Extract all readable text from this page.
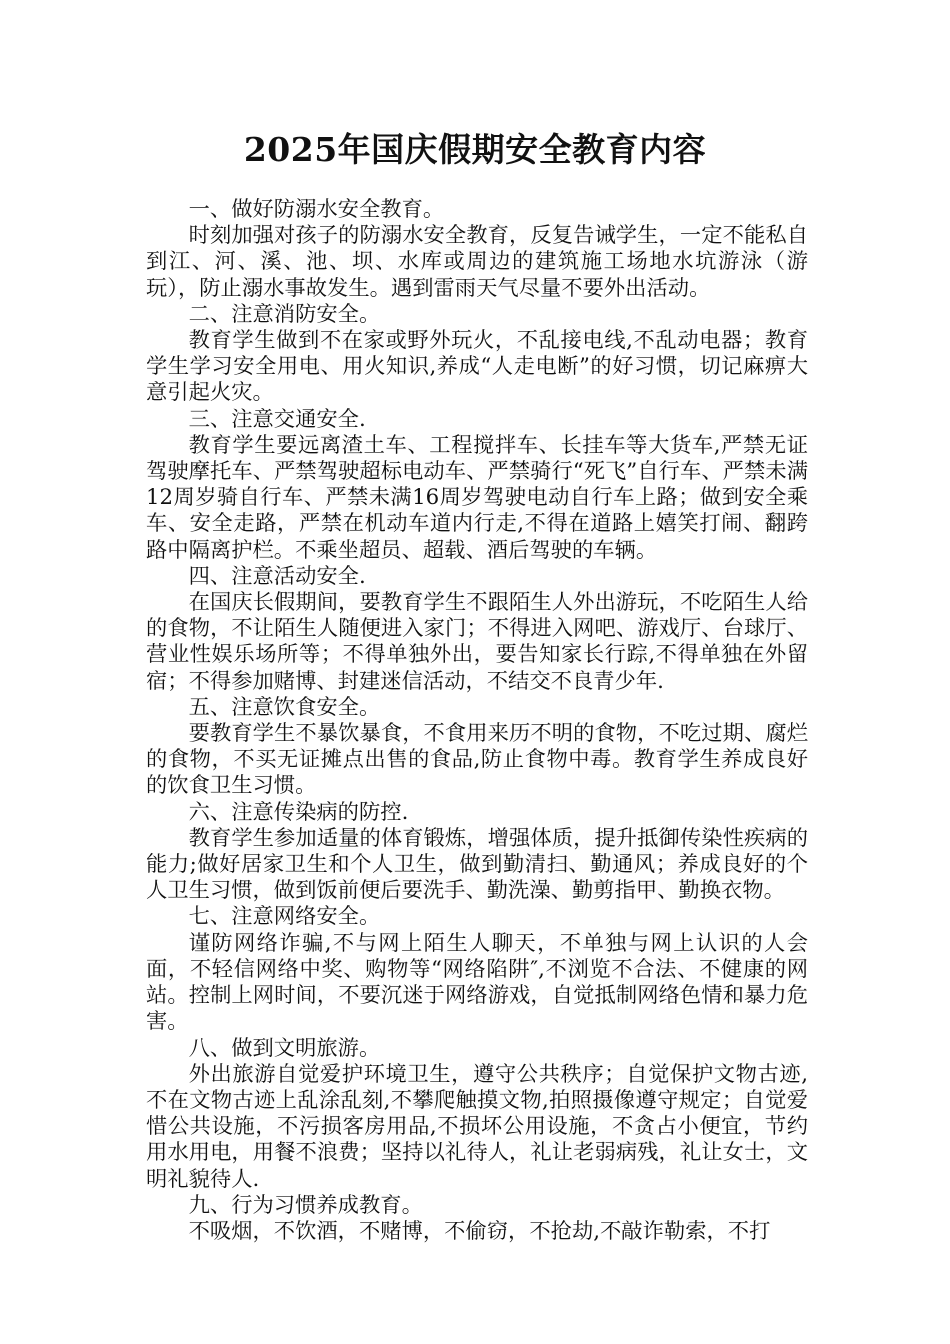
2025年国庆假期安全教育内容

一、做好防溺水安全教育。

时刻加强对孩子的防溺水安全教育，反复告诫学生，一定不能私自到江、河、溪、池、坝、水库或周边的建筑施工场地水坑游泳（游玩），防止溺水事故发生。遇到雷雨天气尽量不要外出活动。

二、注意消防安全。

教育学生做到不在家或野外玩火，不乱接电线,不乱动电器；教育学生学习安全用电、用火知识,养成“人走电断”的好习惯，切记麻痹大意引起火灾。

三、注意交通安全.

教育学生要远离渣土车、工程搅拌车、长挂车等大货车,严禁无证驾驶摩托车、严禁驾驶超标电动车、严禁骑行“死飞”自行车、严禁未满12周岁骑自行车、严禁未满16周岁驾驶电动自行车上路；做到安全乘车、安全走路，严禁在机动车道内行走,不得在道路上嬉笑打闹、翻跨路中隔离护栏。不乘坐超员、超载、酒后驾驶的车辆。

四、注意活动安全.

在国庆长假期间，要教育学生不跟陌生人外出游玩，不吃陌生人给的食物，不让陌生人随便进入家门；不得进入网吧、游戏厅、台球厅、营业性娱乐场所等；不得单独外出，要告知家长行踪,不得单独在外留宿；不得参加赌博、封建迷信活动，不结交不良青少年.

五、注意饮食安全。

要教育学生不暴饮暴食，不食用来历不明的食物，不吃过期、腐烂的食物，不买无证摊点出售的食品,防止食物中毒。教育学生养成良好的饮食卫生习惯。

六、注意传染病的防控.

教育学生参加适量的体育锻炼，增强体质，提升抵御传染性疾病的能力;做好居家卫生和个人卫生，做到勤清扫、勤通风；养成良好的个人卫生习惯，做到饭前便后要洗手、勤洗澡、勤剪指甲、勤换衣物。

七、注意网络安全。

谨防网络诈骗,不与网上陌生人聊天，不单独与网上认识的人会面，不轻信网络中奖、购物等“网络陷阱″,不浏览不合法、不健康的网站。控制上网时间，不要沉迷于网络游戏，自觉抵制网络色情和暴力危害。

八、做到文明旅游。

外出旅游自觉爱护环境卫生，遵守公共秩序；自觉保护文物古迹,不在文物古迹上乱涂乱刻,不攀爬触摸文物,拍照摄像遵守规定；自觉爱惜公共设施，不污损客房用品,不损坏公用设施，不贪占小便宜，节约用水用电，用餐不浪费；坚持以礼待人，礼让老弱病残，礼让女士，文明礼貌待人.

九、行为习惯养成教育。

不吸烟，不饮酒，不赌博，不偷窃，不抢劫,不敲诈勒索，不打
